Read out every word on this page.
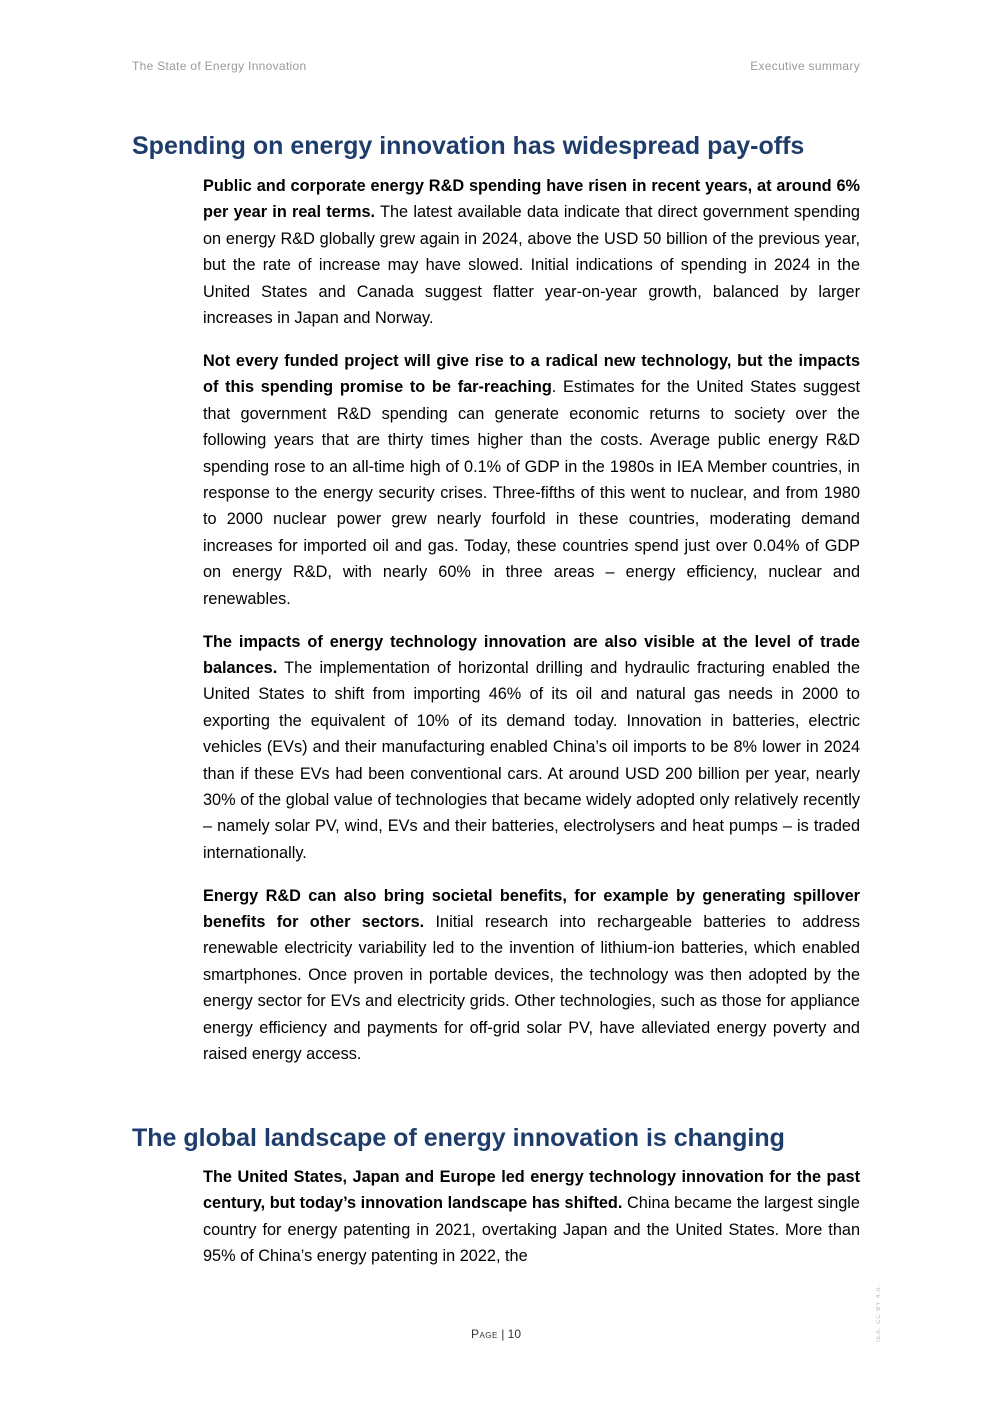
The State of Energy Innovation	Executive summary
Spending on energy innovation has widespread pay-offs

Public and corporate energy R&D spending have risen in recent years, at around 6% per year in real terms. The latest available data indicate that direct government spending on energy R&D globally grew again in 2024, above the USD 50 billion of the previous year, but the rate of increase may have slowed. Initial indications of spending in 2024 in the United States and Canada suggest flatter year-on-year growth, balanced by larger increases in Japan and Norway.

Not every funded project will give rise to a radical new technology, but the impacts of this spending promise to be far-reaching. Estimates for the United States suggest that government R&D spending can generate economic returns to society over the following years that are thirty times higher than the costs. Average public energy R&D spending rose to an all-time high of 0.1% of GDP in the 1980s in IEA Member countries, in response to the energy security crises. Three-fifths of this went to nuclear, and from 1980 to 2000 nuclear power grew nearly fourfold in these countries, moderating demand increases for imported oil and gas. Today, these countries spend just over 0.04% of GDP on energy R&D, with nearly 60% in three areas – energy efficiency, nuclear and renewables.

The impacts of energy technology innovation are also visible at the level of trade balances. The implementation of horizontal drilling and hydraulic fracturing enabled the United States to shift from importing 46% of its oil and natural gas needs in 2000 to exporting the equivalent of 10% of its demand today. Innovation in batteries, electric vehicles (EVs) and their manufacturing enabled China’s oil imports to be 8% lower in 2024 than if these EVs had been conventional cars. At around USD 200 billion per year, nearly 30% of the global value of technologies that became widely adopted only relatively recently – namely solar PV, wind, EVs and their batteries, electrolysers and heat pumps – is traded internationally.

Energy R&D can also bring societal benefits, for example by generating spillover benefits for other sectors. Initial research into rechargeable batteries to address renewable electricity variability led to the invention of lithium-ion batteries, which enabled smartphones. Once proven in portable devices, the technology was then adopted by the energy sector for EVs and electricity grids. Other technologies, such as those for appliance energy efficiency and payments for off-grid solar PV, have alleviated energy poverty and raised energy access.

The global landscape of energy innovation is changing

The United States, Japan and Europe led energy technology innovation for the past century, but today’s innovation landscape has shifted. China became the largest single country for energy patenting in 2021, overtaking Japan and the United States. More than 95% of China’s energy patenting in 2022, the

IEA. CC BY 4.0.
Page | 10
